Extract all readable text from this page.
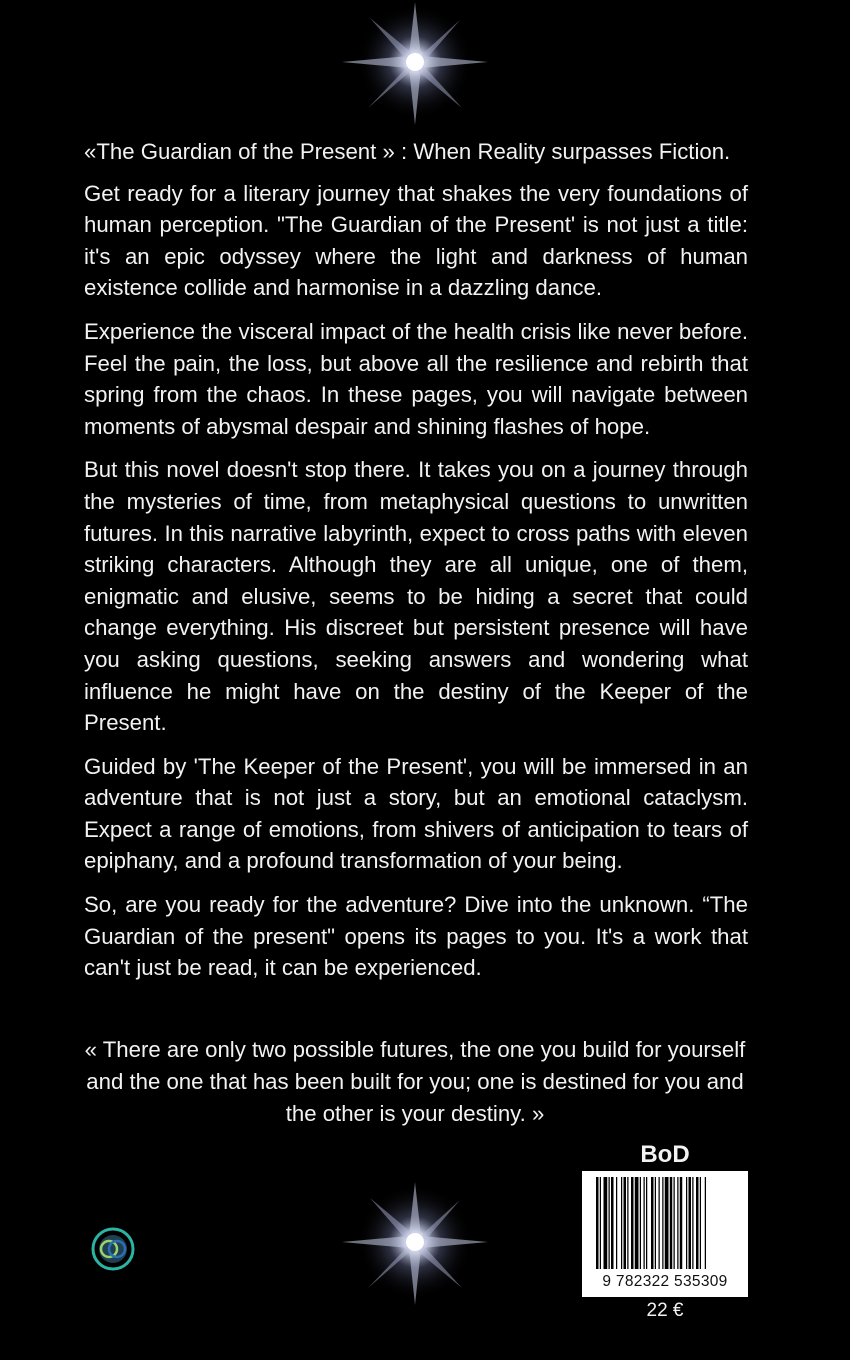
«The Guardian of the Present » : When Reality surpasses Fiction.

Get ready for a literary journey that shakes the very foundations of human perception. "The Guardian of the Present' is not just a title: it's an epic odyssey where the light and darkness of human existence collide and harmonise in a dazzling dance.

Experience the visceral impact of the health crisis like never before. Feel the pain, the loss, but above all the resilience and rebirth that spring from the chaos. In these pages, you will navigate between moments of abysmal despair and shining flashes of hope.

But this novel doesn't stop there. It takes you on a journey through the mysteries of time, from metaphysical questions to unwritten futures. In this narrative labyrinth, expect to cross paths with eleven striking characters. Although they are all unique, one of them, enigmatic and elusive, seems to be hiding a secret that could change everything. His discreet but persistent presence will have you asking questions, seeking answers and wondering what influence he might have on the destiny of the Keeper of the Present.

Guided by 'The Keeper of the Present', you will be immersed in an adventure that is not just a story, but an emotional cataclysm. Expect a range of emotions, from shivers of anticipation to tears of epiphany, and a profound transformation of your being.

So, are you ready for the adventure? Dive into the unknown. “The Guardian of the present" opens its pages to you. It's a work that can't just be read, it can be experienced.

« There are only two possible futures, the one you build for yourself and the one that has been built for you; one is destined for you and the other is your destiny. »
BoD
9 782322 535309
22 €
